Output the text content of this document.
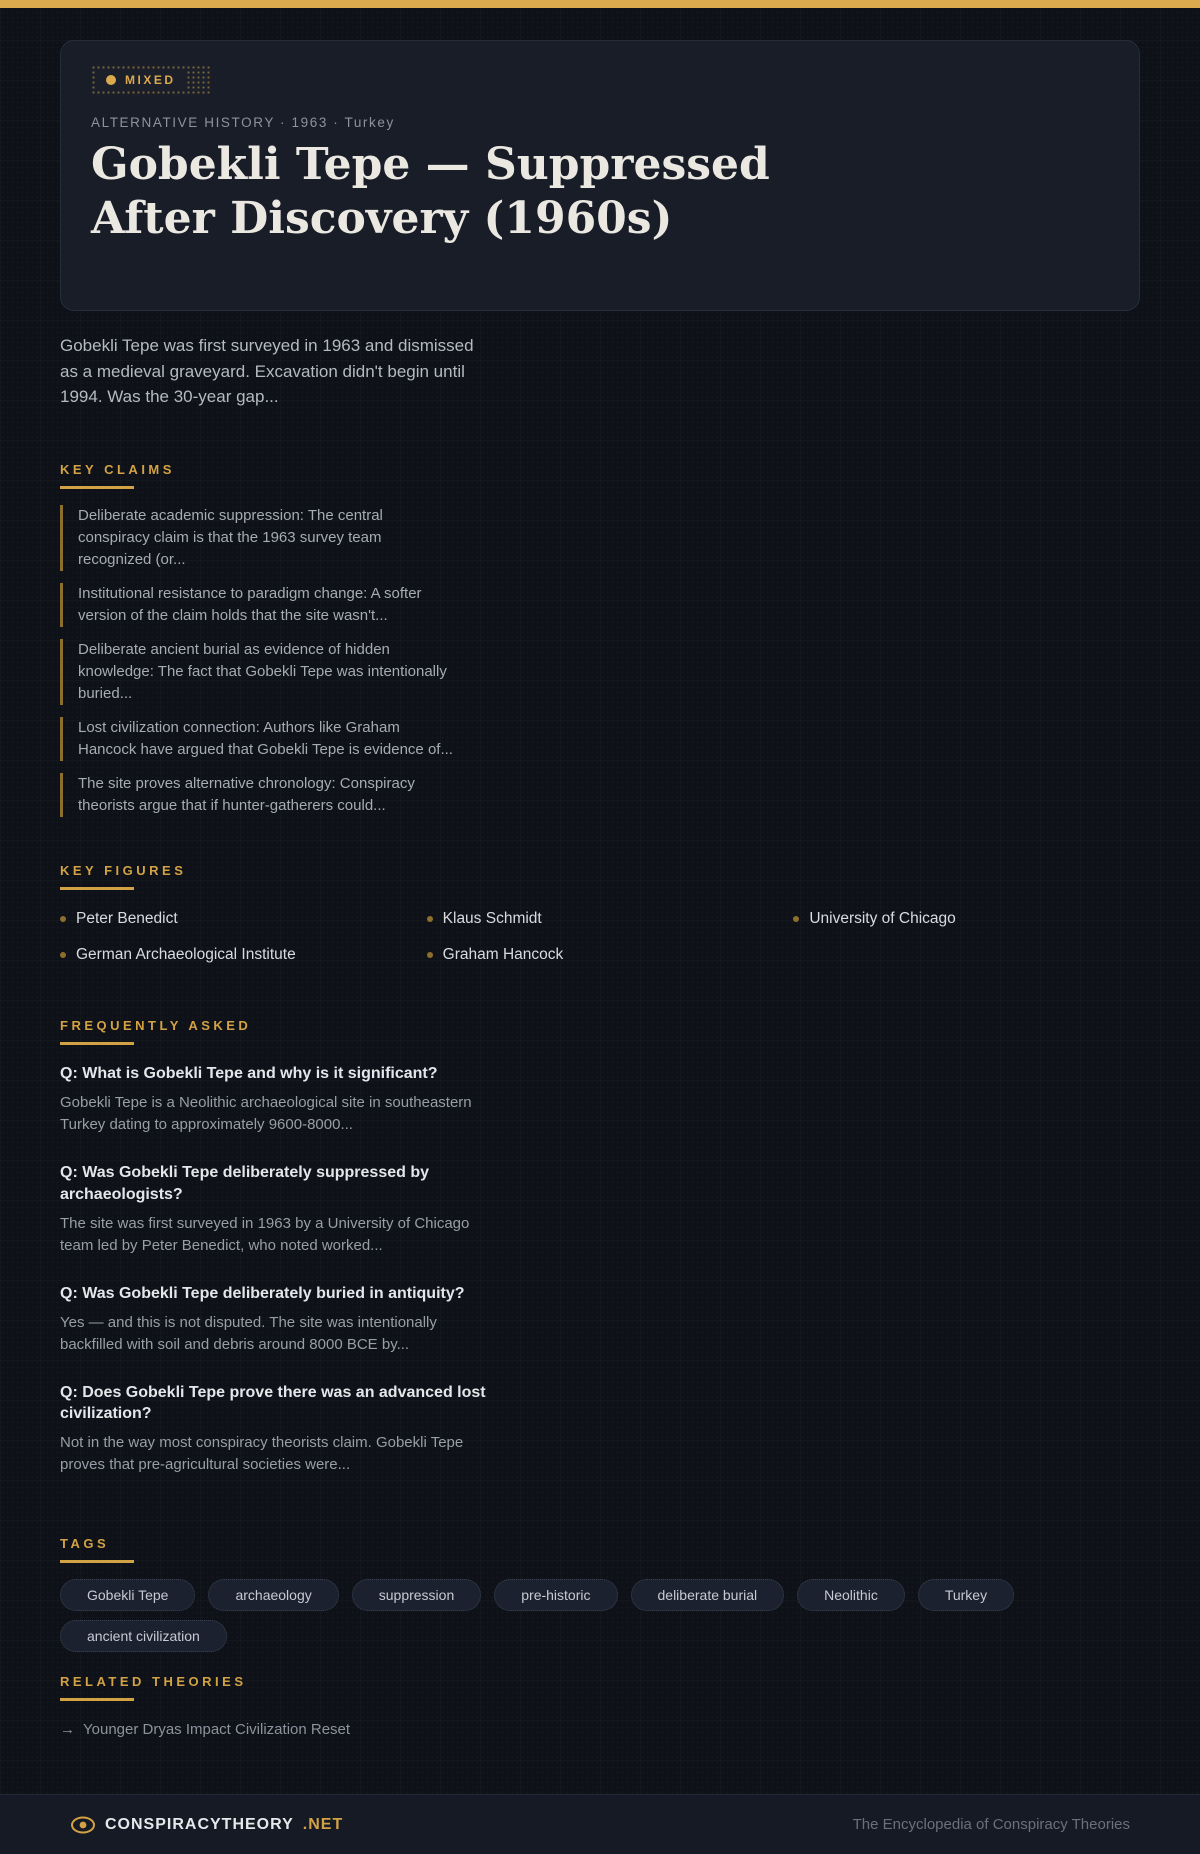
MIXED
ALTERNATIVE HISTORY · 1963 · Turkey
Gobekli Tepe — Suppressed After Discovery (1960s)

Gobekli Tepe was first surveyed in 1963 and dismissed as a medieval graveyard. Excavation didn't begin until 1994. Was the 30-year gap...

KEY CLAIMS
Deliberate academic suppression: The central conspiracy claim is that the 1963 survey team recognized (or...
Institutional resistance to paradigm change: A softer version of the claim holds that the site wasn't...
Deliberate ancient burial as evidence of hidden knowledge: The fact that Gobekli Tepe was intentionally buried...
Lost civilization connection: Authors like Graham Hancock have argued that Gobekli Tepe is evidence of...
The site proves alternative chronology: Conspiracy theorists argue that if hunter-gatherers could...
KEY FIGURES
Peter Benedict	Klaus Schmidt	University of Chicago
German Archaeological Institute	Graham Hancock
FREQUENTLY ASKED
Q: What is Gobekli Tepe and why is it significant?
Gobekli Tepe is a Neolithic archaeological site in southeastern Turkey dating to approximately 9600-8000...
Q: Was Gobekli Tepe deliberately suppressed by archaeologists?
The site was first surveyed in 1963 by a University of Chicago team led by Peter Benedict, who noted worked...
Q: Was Gobekli Tepe deliberately buried in antiquity?
Yes — and this is not disputed. The site was intentionally backfilled with soil and debris around 8000 BCE by...
Q: Does Gobekli Tepe prove there was an advanced lost civilization?
Not in the way most conspiracy theorists claim. Gobekli Tepe proves that pre-agricultural societies were...
TAGS
Gobekli Tepe	archaeology	suppression	pre-historic	deliberate burial	Neolithic	Turkey
ancient civilization
RELATED THEORIES
→ Younger Dryas Impact Civilization Reset
CONSPIRACYTHEORY .NET	The Encyclopedia of Conspiracy Theories
